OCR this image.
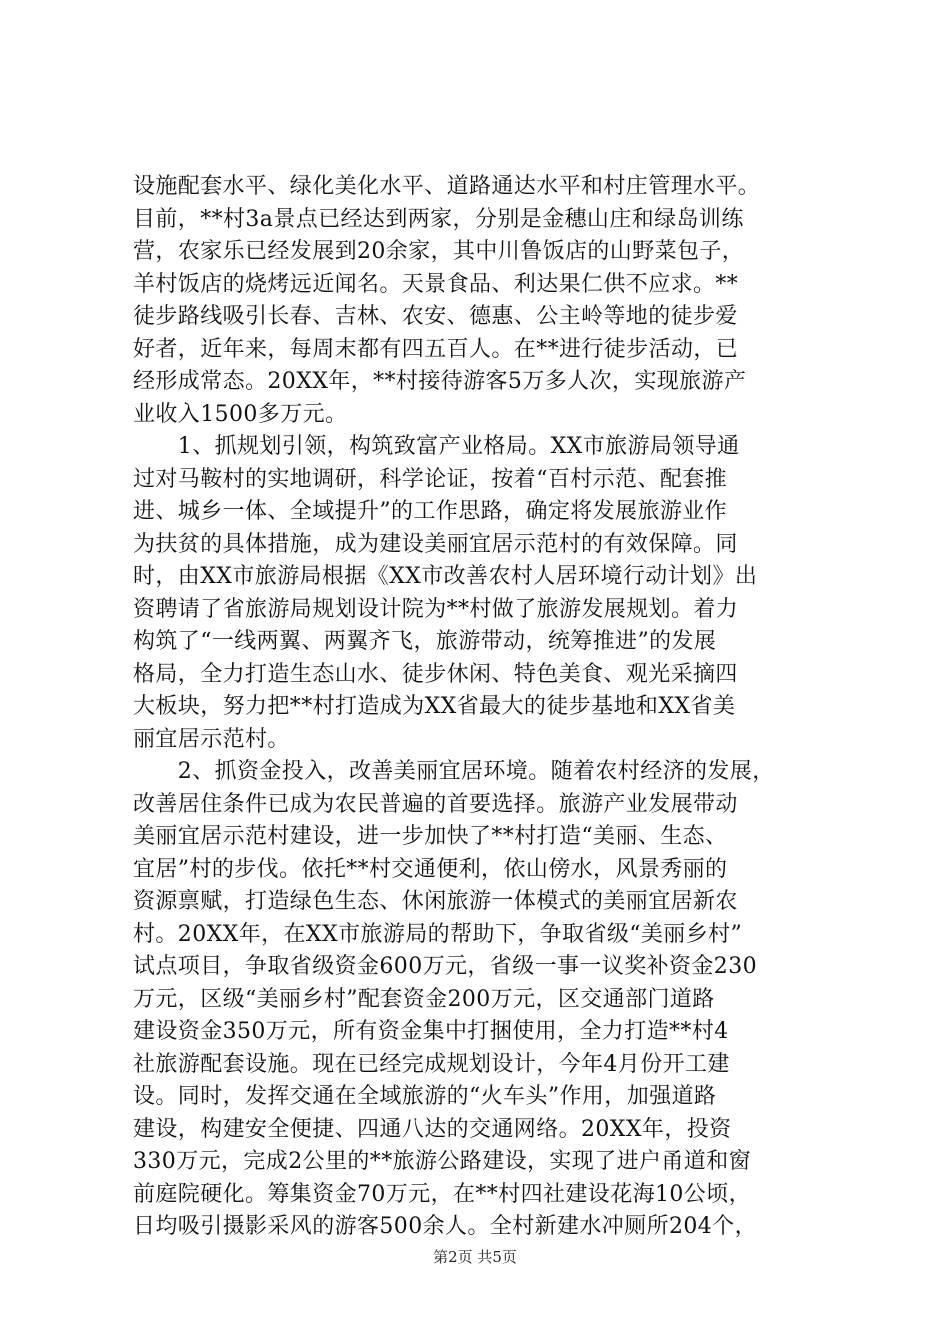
设施配套水平、绿化美化水平、道路通达水平和村庄管理水平。
目前，**村3a景点已经达到两家，分别是金穗山庄和绿岛训练
营，农家乐已经发展到20余家，其中川鲁饭店的山野菜包子，
羊村饭店的烧烤远近闻名。天景食品、利达果仁供不应求。**
徒步路线吸引长春、吉林、农安、德惠、公主岭等地的徒步爱
好者，近年来，每周末都有四五百人。在**进行徒步活动，已
经形成常态。20XX年，**村接待游客5万多人次，实现旅游产
业收入1500多万元。
　　1、抓规划引领，构筑致富产业格局。XX市旅游局领导通
过对马鞍村的实地调研，科学论证，按着“百村示范、配套推
进、城乡一体、全域提升”的工作思路，确定将发展旅游业作
为扶贫的具体措施，成为建设美丽宜居示范村的有效保障。同
时，由XX市旅游局根据《XX市改善农村人居环境行动计划》出
资聘请了省旅游局规划设计院为**村做了旅游发展规划。着力
构筑了“一线两翼、两翼齐飞，旅游带动，统筹推进”的发展
格局，全力打造生态山水、徒步休闲、特色美食、观光采摘四
大板块，努力把**村打造成为XX省最大的徒步基地和XX省美
丽宜居示范村。
　　2、抓资金投入，改善美丽宜居环境。随着农村经济的发展，
改善居住条件已成为农民普遍的首要选择。旅游产业发展带动
美丽宜居示范村建设，进一步加快了**村打造“美丽、生态、
宜居”村的步伐。依托**村交通便利，依山傍水，风景秀丽的
资源禀赋，打造绿色生态、休闲旅游一体模式的美丽宜居新农
村。20XX年，在XX市旅游局的帮助下，争取省级“美丽乡村”
试点项目，争取省级资金600万元，省级一事一议奖补资金230
万元，区级“美丽乡村”配套资金200万元，区交通部门道路
建设资金350万元，所有资金集中打捆使用，全力打造**村4
社旅游配套设施。现在已经完成规划设计，今年4月份开工建
设。同时，发挥交通在全域旅游的“火车头”作用，加强道路
建设，构建安全便捷、四通八达的交通网络。20XX年，投资
330万元，完成2公里的**旅游公路建设，实现了进户甬道和窗
前庭院硬化。筹集资金70万元，在**村四社建设花海10公顷，
日均吸引摄影采风的游客500余人。全村新建水冲厕所204个，
第2页 共5页
